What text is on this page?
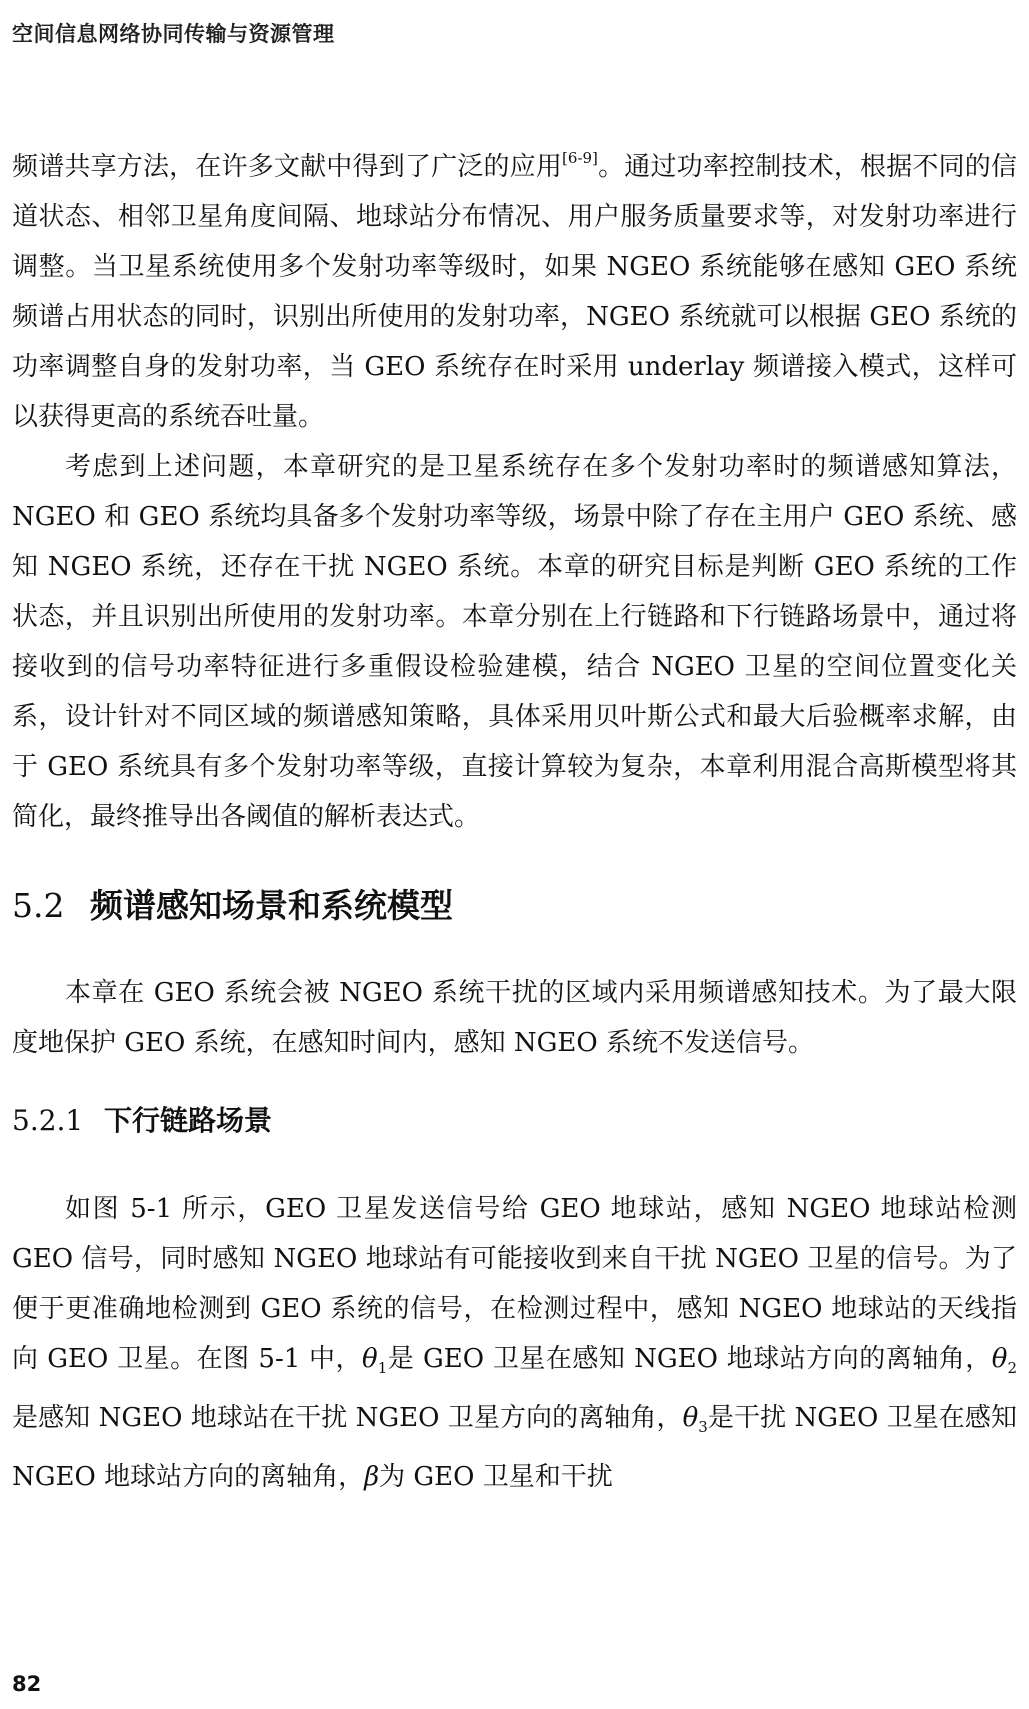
空间信息网络协同传输与资源管理

频谱共享方法，在许多文献中得到了广泛的应用[6-9]。通过功率控制技术，根据不同的信道状态、相邻卫星角度间隔、地球站分布情况、用户服务质量要求等，对发射功率进行调整。当卫星系统使用多个发射功率等级时，如果 NGEO 系统能够在感知 GEO 系统频谱占用状态的同时，识别出所使用的发射功率，NGEO 系统就可以根据 GEO 系统的功率调整自身的发射功率，当 GEO 系统存在时采用 underlay 频谱接入模式，这样可以获得更高的系统吞吐量。

考虑到上述问题，本章研究的是卫星系统存在多个发射功率时的频谱感知算法，NGEO 和 GEO 系统均具备多个发射功率等级，场景中除了存在主用户 GEO 系统、感知 NGEO 系统，还存在干扰 NGEO 系统。本章的研究目标是判断 GEO 系统的工作状态，并且识别出所使用的发射功率。本章分别在上行链路和下行链路场景中，通过将接收到的信号功率特征进行多重假设检验建模，结合 NGEO 卫星的空间位置变化关系，设计针对不同区域的频谱感知策略，具体采用贝叶斯公式和最大后验概率求解，由于 GEO 系统具有多个发射功率等级，直接计算较为复杂，本章利用混合高斯模型将其简化，最终推导出各阈值的解析表达式。

5.2 频谱感知场景和系统模型

本章在 GEO 系统会被 NGEO 系统干扰的区域内采用频谱感知技术。为了最大限度地保护 GEO 系统，在感知时间内，感知 NGEO 系统不发送信号。

5.2.1 下行链路场景

如图 5-1 所示，GEO 卫星发送信号给 GEO 地球站，感知 NGEO 地球站检测 GEO 信号，同时感知 NGEO 地球站有可能接收到来自干扰 NGEO 卫星的信号。为了便于更准确地检测到 GEO 系统的信号，在检测过程中，感知 NGEO 地球站的天线指向 GEO 卫星。在图 5-1 中，$\theta_1$是 GEO 卫星在感知 NGEO 地球站方向的离轴角，$\theta_2$是感知 NGEO 地球站在干扰 NGEO 卫星方向的离轴角，$\theta_3$是干扰 NGEO 卫星在感知 NGEO 地球站方向的离轴角，β为 GEO 卫星和干扰

82
